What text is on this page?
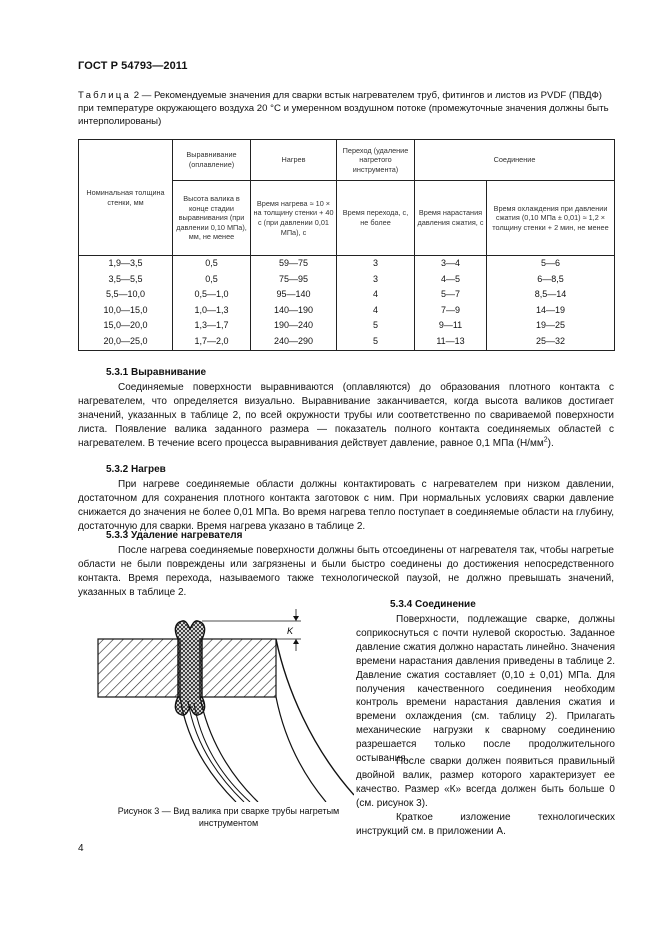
ГОСТ Р 54793—2011
Таблица 2 — Рекомендуемые значения для сварки встык нагревателем труб, фитингов и листов из PVDF (ПВДФ) при температуре окружающего воздуха 20 °С и умеренном воздушном потоке (промежуточные значения должны быть интерполированы)
Номинальная толщина стенки, мм	Выравнивание (оплавление)	Нагрев	Переход (удаление нагретого инструмента)	Соединение	
	Высота валика в конце стадии выравнивания (при давлении 0,10 МПа), мм, не менее	Время нагрева ≈ 10 × на толщину стенки + 40 с (при давлении 0,01 МПа), с	Время перехода, с, не более	Время нарастания давления сжатия, с	Время охлаждения при давлении сжатия (0,10 МПа ± 0,01) ≈ 1,2 × толщину стенки + 2 мин, не менее
1,9—3,5	0,5	59—75	3	3—4	5—6
3,5—5,5	0,5	75—95	3	4—5	6—8,5
5,5—10,0	0,5—1,0	95—140	4	5—7	8,5—14
10,0—15,0	1,0—1,3	140—190	4	7—9	14—19
15,0—20,0	1,3—1,7	190—240	5	9—11	19—25
20,0—25,0	1,7—2,0	240—290	5	11—13	25—32
5.3.1 Выравнивание
Соединяемые поверхности выравниваются (оплавляются) до образования плотного контакта с нагревателем, что определяется визуально. Выравнивание заканчивается, когда высота валиков достигает значений, указанных в таблице 2, по всей окружности трубы или соответственно по свариваемой поверхности листа. Появление валика заданного размера — показатель полного контакта соединяемых областей с нагревателем. В течение всего процесса выравнивания действует давление, равное 0,1 МПа $(Н/мм^2)$.
5.3.2 Нагрев
При нагреве соединяемые области должны контактировать с нагревателем при низком давлении, достаточном для сохранения плотного контакта заготовок с ним. При нормальных условиях сварки давление снижается до значения не более 0,01 МПа. Во время нагрева тепло поступает в соединяемые области на глубину, достаточную для сварки. Время нагрева указано в таблице 2.
5.3.3 Удаление нагревателя
После нагрева соединяемые поверхности должны быть отсоединены от нагревателя так, чтобы нагретые области не были повреждены или загрязнены и были быстро соединены до достижения непосредственного контакта. Время перехода, называемого также технологической паузой, не должно превышать значений, указанных в таблице 2.
K
Рисунок 3 — Вид валика при сварке трубы нагретым инструментом
5.3.4 Соединение
Поверхности, подлежащие сварке, должны соприкоснуться с почти нулевой скоростью. Заданное давление сжатия должно нарастать линейно. Значения времени нарастания давления приведены в таблице 2. Давление сжатия составляет (0,10 ± 0,01) МПа. Для получения качественного соединения необходим контроль времени нарастания давления сжатия и времени охлаждения (см. таблицу 2). Прилагать механические нагрузки к сварному соединению разрешается только после продолжительного остывания.
После сварки должен появиться правильный двойной валик, размер которого характеризует ее качество. Размер «К» всегда должен быть больше 0 (см. рисунок 3).
Краткое изложение технологических инструкций см. в приложении А.
4
